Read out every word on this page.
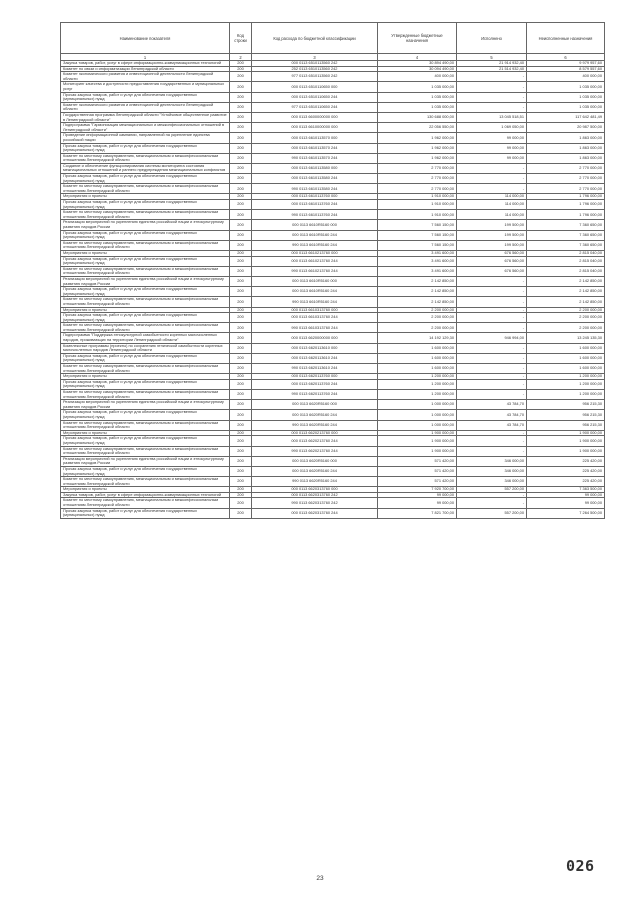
Наименование показателя	Код строки	Код расхода по бюджетной классификации	Утвержденные бюджетные назначения	Исполнено	Неисполненные назначения
1	2	3	4	5	6
Закупка товаров, работ, услуг в сфере информационно-коммуникационных технологий	200	000 0113 6510113560 242	30 894 490,00	21 914 932,40	9 979 957,60
Комитет по связи и информатизации Ленинградской области	200	252 0113 6510113560 242	30 094 490,00	21 514 932,40	8 579 557,60
Комитет экономического развития и инвестиционной деятельности Ленинградской области	200	977 0113 6510113560 242	400 000,00	-	400 000,00
Мониторинг качества и доступности предоставления государственных и муниципальных услуг	200	000 0113 6510110650 000	1 035 000,00	-	1 035 000,00
Прочая закупка товаров, работ и услуг для обеспечения государственных (муниципальных) нужд	200	000 0113 6510110650 244	1 035 000,00	-	1 035 000,00
Комитет экономического развития и инвестиционной деятельности Ленинградской области	200	977 0113 6510110650 244	1 035 000,00	-	1 035 000,00
Государственная программа Ленинградской области "Устойчивое общественное развитие в Ленинградской области"	200	000 0113 6600000000 000	130 688 000,00	13 045 518,51	117 642 481,49
Подпрограмма "Гармонизация межнациональных и межконфессиональных отношений в Ленинградской области"	200	000 0113 6610000000 000	22 056 550,00	1 069 050,00	20 987 500,00
Проведение информационной кампании, направленной на укрепление единства российской нации	200	000 0113 6610113570 000	1 962 000,00	99 000,00	1 863 000,00
Прочая закупка товаров, работ и услуг для обеспечения государственных (муниципальных) нужд	200	000 0113 6610113570 244	1 962 000,00	99 000,00	1 863 000,00
Комитет по местному самоуправлению, межнациональным и межконфессиональным отношениям Ленинградской области	200	990 0113 6610113570 244	1 962 000,00	99 000,00	1 863 000,00
Создание и обеспечение функционирования системы мониторинга состояния межнациональных отношений и раннего предупреждения межнациональных конфликтов	200	000 0113 6610113580 000	2 770 000,00	-	2 770 000,00
Прочая закупка товаров, работ и услуг для обеспечения государственных (муниципальных) нужд	200	000 0113 6610113580 244	2 770 000,00	-	2 770 000,00
Комитет по местному самоуправлению, межнациональным и межконфессиональным отношениям Ленинградской области	200	990 0113 6610113580 244	2 770 000,00	-	2 770 000,00
Мероприятия и проекты	200	000 0113 6610113760 000	1 910 000,00	114 000,00	1 796 000,00
Прочая закупка товаров, работ и услуг для обеспечения государственных (муниципальных) нужд	200	000 0113 6610113760 244	1 910 000,00	114 000,00	1 796 000,00
Комитет по местному самоуправлению, межнациональным и межконфессиональным отношениям Ленинградской области	200	990 0113 6610113760 244	1 910 000,00	114 000,00	1 796 000,00
Реализация мероприятий по укреплению единства российской нации и этнокультурному развитию народов России	200	000 0113 6610R5160 000	7 560 150,00	199 500,00	7 360 650,00
Прочая закупка товаров, работ и услуг для обеспечения государственных (муниципальных) нужд	200	000 0113 6610R5160 244	7 560 150,00	199 500,00	7 360 650,00
Комитет по местному самоуправлению, межнациональным и межконфессиональным отношениям Ленинградской области	200	990 0113 6610R5160 244	7 560 150,00	199 500,00	7 360 650,00
Мероприятия и проекты	200	000 0113 6610213760 000	3 491 600,00	676 560,00	2 815 040,00
Прочая закупка товаров, работ и услуг для обеспечения государственных (муниципальных) нужд	200	000 0113 6610213760 244	3 491 600,00	676 560,00	2 815 040,00
Комитет по местному самоуправлению, межнациональным и межконфессиональным отношениям Ленинградской области	200	990 0113 6610213760 244	3 491 600,00	676 560,00	2 815 040,00
Реализация мероприятий по укреплению единства российской нации и этнокультурному развитию народов России	200	000 0113 6610R5160 000	2 142 850,00	-	2 142 850,00
Прочая закупка товаров, работ и услуг для обеспечения государственных (муниципальных) нужд	200	000 0113 6610R5160 244	2 142 850,00	-	2 142 850,00
Комитет по местному самоуправлению, межнациональным и межконфессиональным отношениям Ленинградской области	200	990 0113 6610R5160 244	2 142 850,00	-	2 142 850,00
Мероприятия и проекты	200	000 0113 6610313760 000	2 200 000,00	-	2 200 000,00
Прочая закупка товаров, работ и услуг для обеспечения государственных (муниципальных) нужд	200	000 0113 6610313760 244	2 200 000,00	-	2 200 000,00
Комитет по местному самоуправлению, межнациональным и межконфессиональным отношениям Ленинградской области	200	990 0113 6610313760 244	2 200 000,00	-	2 200 000,00
Подпрограмма "Поддержка этнокультурной самобытности коренных малочисленных народов, проживающих на территории Ленинградской области"	200	000 0113 6620000000 000	14 192 129,30	946 994,00	13 245 135,30
Комплексные программы (проекты) по сохранению этнической самобытности коренных малочисленных народов Ленинградской области	200	000 0113 6620113610 000	1 600 000,00	-	1 600 000,00
Прочая закупка товаров, работ и услуг для обеспечения государственных (муниципальных) нужд	200	000 0113 6620113610 244	1 600 000,00	-	1 600 000,00
Комитет по местному самоуправлению, межнациональным и межконфессиональным отношениям Ленинградской области	200	990 0113 6620113610 244	1 600 000,00	-	1 600 000,00
Мероприятия и проекты	200	000 0113 6620113760 000	1 200 000,00	-	1 200 000,00
Прочая закупка товаров, работ и услуг для обеспечения государственных (муниципальных) нужд	200	000 0113 6620113760 244	1 200 000,00	-	1 200 000,00
Комитет по местному самоуправлению, межнациональным и межконфессиональным отношениям Ленинградской области	200	990 0113 6620113760 244	1 200 000,00	-	1 200 000,00
Реализация мероприятий по укреплению единства российской нации и этнокультурному развитию народов России	200	000 0113 6620R5160 000	1 000 000,00	43 784,70	956 215,30
Прочая закупка товаров, работ и услуг для обеспечения государственных (муниципальных) нужд	200	000 0113 6620R5160 244	1 000 000,00	43 784,70	956 215,30
Комитет по местному самоуправлению, межнациональным и межконфессиональным отношениям Ленинградской области	200	990 0113 6620R5160 244	1 000 000,00	43 784,70	956 215,30
Мероприятия и проекты	200	000 0113 6620213760 000	1 900 000,00	-	1 900 000,00
Прочая закупка товаров, работ и услуг для обеспечения государственных (муниципальных) нужд	200	000 0113 6620213760 244	1 900 000,00	-	1 900 000,00
Комитет по местному самоуправлению, межнациональным и межконфессиональным отношениям Ленинградской области	200	990 0113 6620213760 244	1 900 000,00	-	1 900 000,00
Реализация мероприятий по укреплению единства российской нации и этнокультурному развитию народов России	200	000 0113 6620R5160 000	571 420,00	346 000,00	225 420,00
Прочая закупка товаров, работ и услуг для обеспечения государственных (муниципальных) нужд	200	000 0113 6620R5160 244	571 420,00	346 000,00	225 420,00
Комитет по местному самоуправлению, межнациональным и межконфессиональным отношениям Ленинградской области	200	990 0113 6620R5160 244	571 420,00	346 000,00	225 420,00
Мероприятия и проекты	200	000 0113 6620313760 000	7 920 700,00	557 200,00	7 363 500,00
Закупка товаров, работ, услуг в сфере информационно-коммуникационных технологий	200	000 0113 6620313760 242	99 000,00	-	99 000,00
Комитет по местному самоуправлению, межнациональным и межконфессиональным отношениям Ленинградской области	200	990 0113 6620313760 242	99 000,00	-	99 000,00
Прочая закупка товаров, работ и услуг для обеспечения государственных (муниципальных) нужд	200	000 0113 6620313760 244	7 821 700,00	557 200,00	7 264 500,00
23
026
